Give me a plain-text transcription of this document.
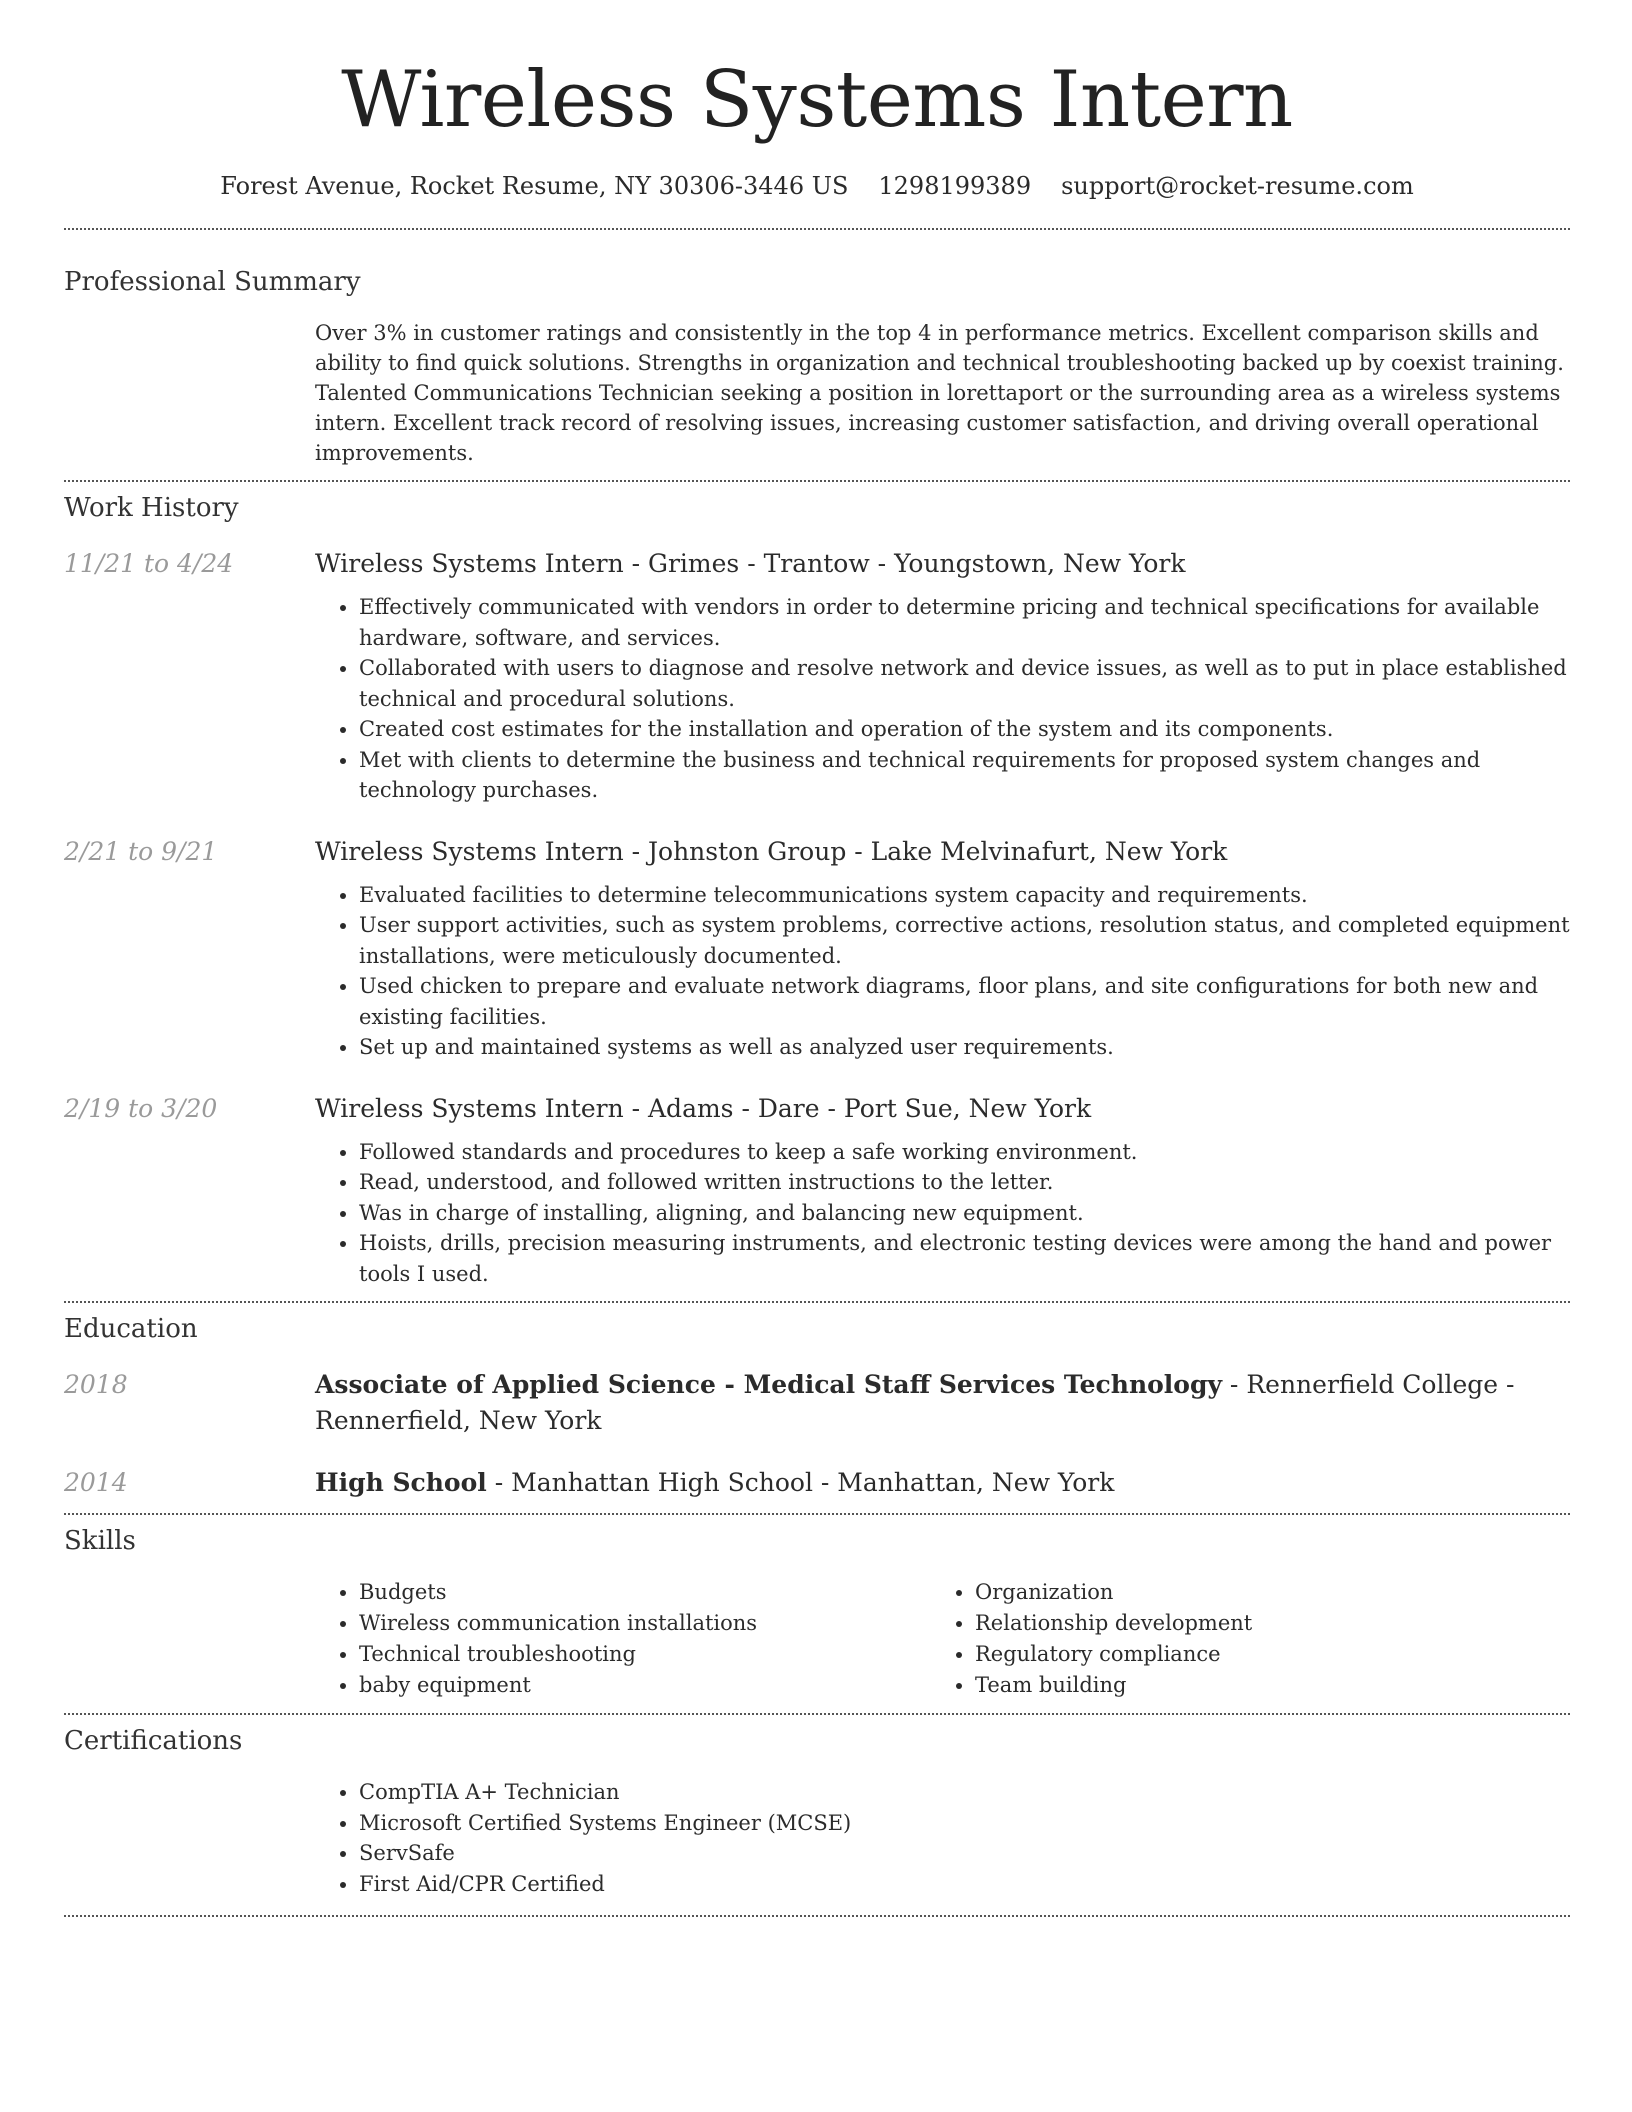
Wireless Systems Intern
Forest Avenue, Rocket Resume, NY 30306-3446 US 1298199389 support@rocket-resume.com
Professional Summary
Over 3% in customer ratings and consistently in the top 4 in performance metrics. Excellent comparison skills and ability to find quick solutions. Strengths in organization and technical troubleshooting backed up by coexist training. Talented Communications Technician seeking a position in lorettaport or the surrounding area as a wireless systems intern. Excellent track record of resolving issues, increasing customer satisfaction, and driving overall operational improvements.
Work History
11/21 to 4/24	Wireless Systems Intern - Grimes - Trantow - Youngstown, New York
• Effectively communicated with vendors in order to determine pricing and technical specifications for available hardware, software, and services.
• Collaborated with users to diagnose and resolve network and device issues, as well as to put in place established technical and procedural solutions.
• Created cost estimates for the installation and operation of the system and its components.
• Met with clients to determine the business and technical requirements for proposed system changes and technology purchases.
2/21 to 9/21	Wireless Systems Intern - Johnston Group - Lake Melvinafurt, New York
• Evaluated facilities to determine telecommunications system capacity and requirements.
• User support activities, such as system problems, corrective actions, resolution status, and completed equipment installations, were meticulously documented.
• Used chicken to prepare and evaluate network diagrams, floor plans, and site configurations for both new and existing facilities.
• Set up and maintained systems as well as analyzed user requirements.
2/19 to 3/20	Wireless Systems Intern - Adams - Dare - Port Sue, New York
• Followed standards and procedures to keep a safe working environment.
• Read, understood, and followed written instructions to the letter.
• Was in charge of installing, aligning, and balancing new equipment.
• Hoists, drills, precision measuring instruments, and electronic testing devices were among the hand and power tools I used.
Education
2018	Associate of Applied Science - Medical Staff Services Technology - Rennerfield College - Rennerfield, New York
2014	High School - Manhattan High School - Manhattan, New York
Skills
• Budgets
• Wireless communication installations
• Technical troubleshooting
• baby equipment
• Organization
• Relationship development
• Regulatory compliance
• Team building
Certifications
• CompTIA A+ Technician
• Microsoft Certified Systems Engineer (MCSE)
• ServSafe
• First Aid/CPR Certified
